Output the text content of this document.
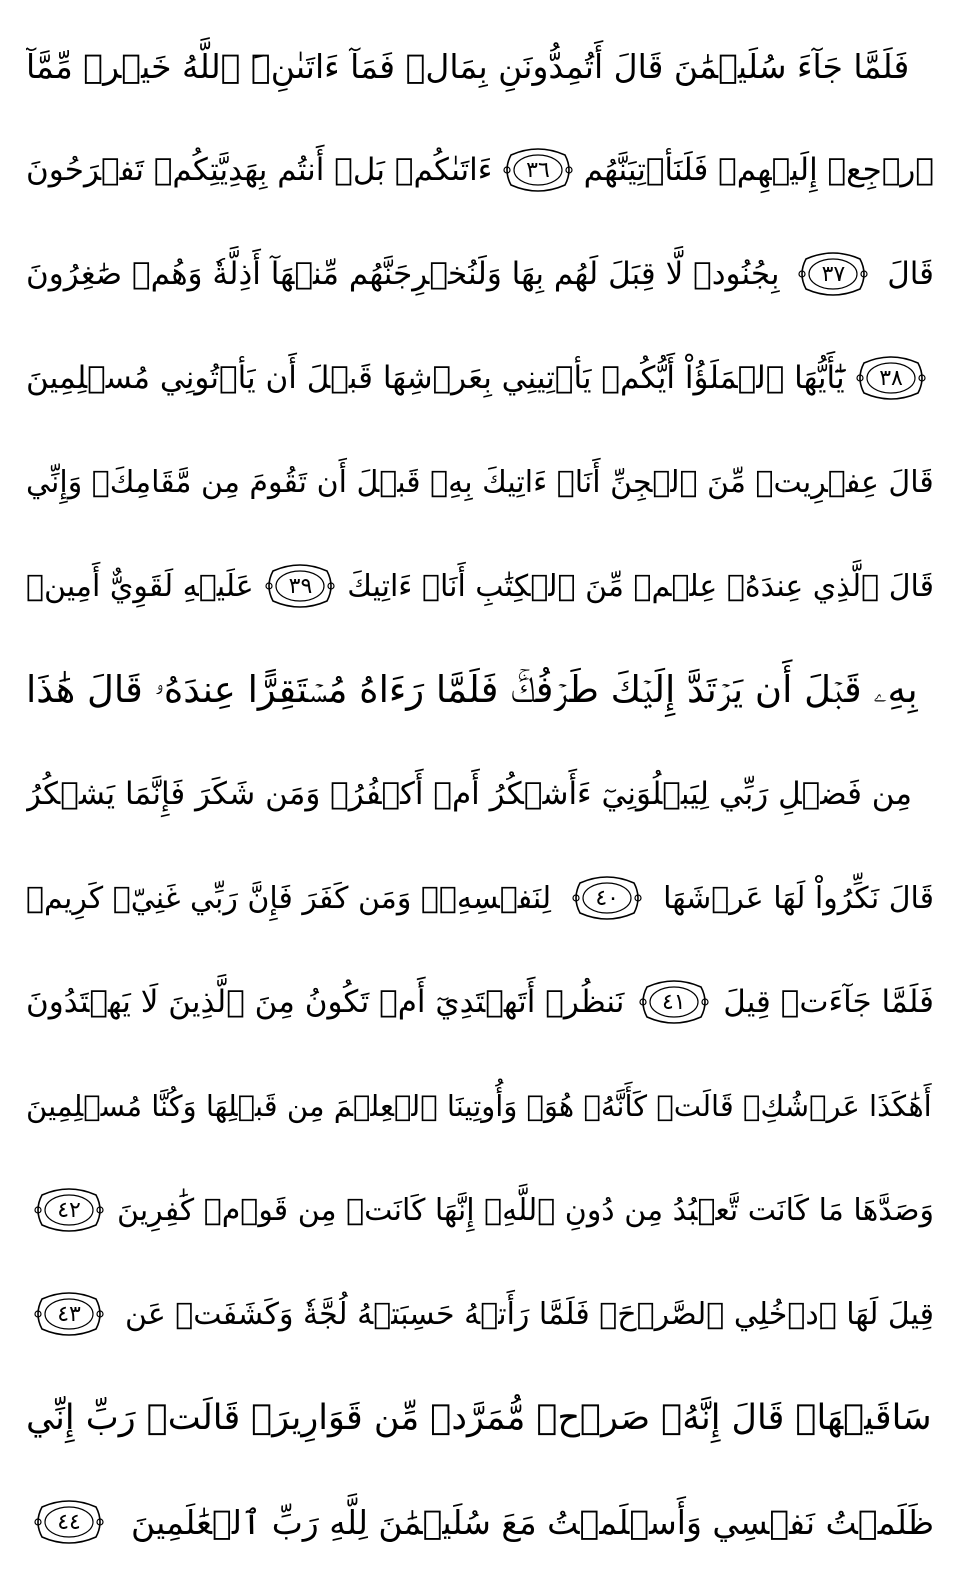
فَلَمَّا جَآءَ سُلَيۡمَٰنَ قَالَ أَتُمِدُّونَنِ بِمَالٖ فَمَآ ءَاتَىٰنِۦَ ٱللَّهُ خَيۡرٞ مِّمَّآ
ءَاتَىٰكُمۚ بَلۡ أَنتُم بِهَدِيَّتِكُمۡ تَفۡرَحُونَ ٣٦ ٱرۡجِعۡ إِلَيۡهِمۡ فَلَنَأۡتِيَنَّهُم
بِجُنُودٖ لَّا قِبَلَ لَهُم بِهَا وَلَنُخۡرِجَنَّهُم مِّنۡهَآ أَذِلَّةٗ وَهُمۡ صَٰغِرُونَ ٣٧ قَالَ
يَٰٓأَيُّهَا ٱلۡمَلَؤُاْ أَيُّكُمۡ يَأۡتِينِي بِعَرۡشِهَا قَبۡلَ أَن يَأۡتُونِي مُسۡلِمِينَ ٣٨
قَالَ عِفۡرِيتٞ مِّنَ ٱلۡجِنِّ أَنَا۠ ءَاتِيكَ بِهِۦ قَبۡلَ أَن تَقُومَ مِن مَّقَامِكَۖ وَإِنِّي
عَلَيۡهِ لَقَوِيٌّ أَمِينٞ ٣٩ قَالَ ٱلَّذِي عِندَهُۥ عِلۡمٞ مِّنَ ٱلۡكِتَٰبِ أَنَا۠ ءَاتِيكَ
بِهِۦ قَبۡلَ أَن يَرۡتَدَّ إِلَيۡكَ طَرۡفُكَۚ فَلَمَّا رَءَاهُ مُسۡتَقِرًّا عِندَهُۥ قَالَ هَٰذَا
مِن فَضۡلِ رَبِّي لِيَبۡلُوَنِيٓ ءَأَشۡكُرُ أَمۡ أَكۡفُرُۖ وَمَن شَكَرَ فَإِنَّمَا يَشۡكُرُ
لِنَفۡسِهِۦۖ وَمَن كَفَرَ فَإِنَّ رَبِّي غَنِيّٞ كَرِيمٞ ٤٠ قَالَ نَكِّرُواْ لَهَا عَرۡشَهَا
نَنظُرۡ أَتَهۡتَدِيٓ أَمۡ تَكُونُ مِنَ ٱلَّذِينَ لَا يَهۡتَدُونَ ٤١ فَلَمَّا جَآءَتۡ قِيلَ
أَهَٰكَذَا عَرۡشُكِۖ قَالَتۡ كَأَنَّهُۥ هُوَۚ وَأُوتِينَا ٱلۡعِلۡمَ مِن قَبۡلِهَا وَكُنَّا مُسۡلِمِينَ
٤٢ وَصَدَّهَا مَا كَانَت تَّعۡبُدُ مِن دُونِ ٱللَّهِۖ إِنَّهَا كَانَتۡ مِن قَوۡمٖ كَٰفِرِينَ
٤٣ قِيلَ لَهَا ٱدۡخُلِي ٱلصَّرۡحَۖ فَلَمَّا رَأَتۡهُ حَسِبَتۡهُ لُجَّةٗ وَكَشَفَتۡ عَن
سَاقَيۡهَاۚ قَالَ إِنَّهُۥ صَرۡحٞ مُّمَرَّدٞ مِّن قَوَارِيرَۗ قَالَتۡ رَبِّ إِنِّي
٤٤ ظَلَمۡتُ نَفۡسِي وَأَسۡلَمۡتُ مَعَ سُلَيۡمَٰنَ لِلَّهِ رَبِّ ٱلۡعَٰلَمِينَ
